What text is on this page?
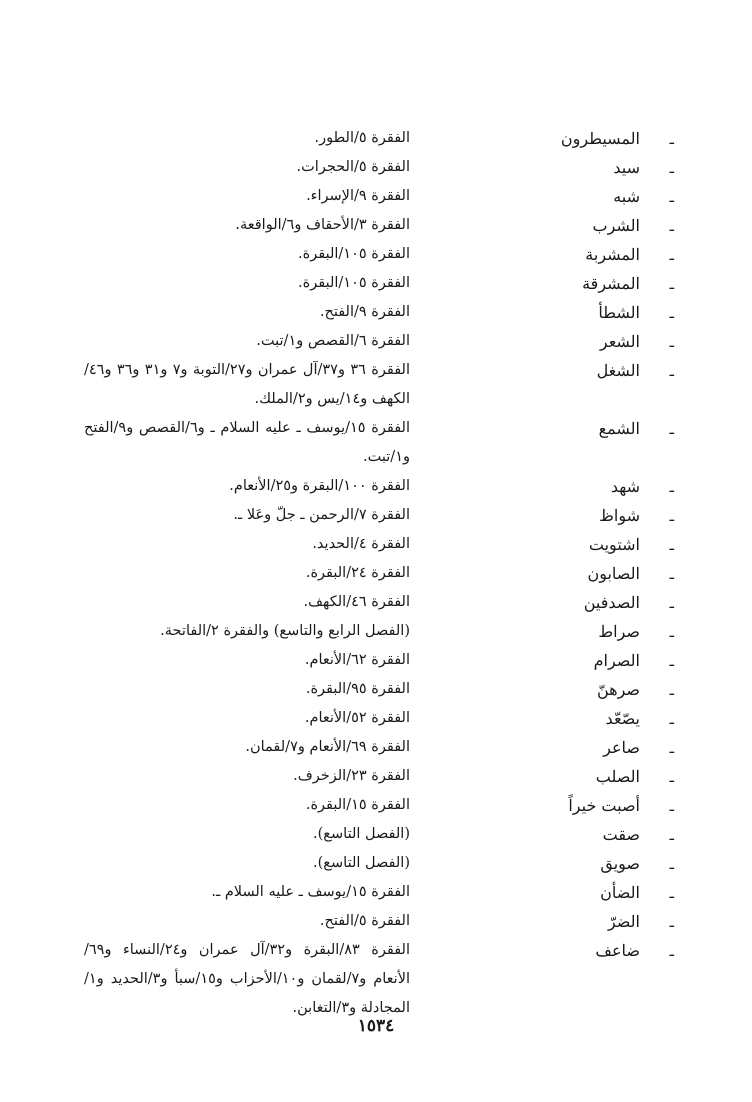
ـ
المسيطرون
الفقرة ٥/الطور.
ـ
سيد
الفقرة ٥/الحجرات.
ـ
شبه
الفقرة ٩/الإسراء.
ـ
الشرب
الفقرة ٣/الأحقاف و٦/الواقعة.
ـ
المشربة
الفقرة ١٠٥/البقرة.
ـ
المشرقة
الفقرة ١٠٥/البقرة.
ـ
الشطأ
الفقرة ٩/الفتح.
ـ
الشعر
الفقرة ٦/القصص و١/تبت.
ـ
الشغل
الفقرة ٣٦ و٣٧/آل عمران و٢٧/التوبة و٧ و٣١ و٣٦ و٤٦/الكهف و١٤/يس و٢/الملك.
ـ
الشمع
الفقرة ١٥/يوسف ـ عليه السلام ـ و٦/القصص و٩/الفتح و١/تبت.
ـ
شهد
الفقرة ١٠٠/البقرة و٢٥/الأنعام.
ـ
شواظ
الفقرة ٧/الرحمن ـ جلّ وعَلا ـ.
ـ
اشتويت
الفقرة ٤/الحديد.
ـ
الصابون
الفقرة ٢٤/البقرة.
ـ
الصدفين
الفقرة ٤٦/الكهف.
ـ
صراط
(الفصل الرابع والتاسع) والفقرة ٢/الفاتحة.
ـ
الصرام
الفقرة ٦٢/الأنعام.
ـ
صرهنّ
الفقرة ٩٥/البقرة.
ـ
يصّعّد
الفقرة ٥٢/الأنعام.
ـ
صاعر
الفقرة ٦٩/الأنعام و٧/لقمان.
ـ
الصلب
الفقرة ٢٣/الزخرف.
ـ
أصبت خيراً
الفقرة ١٥/البقرة.
ـ
صقت
(الفصل التاسع).
ـ
صويق
(الفصل التاسع).
ـ
الضأن
الفقرة ١٥/يوسف ـ عليه السلام ـ.
ـ
الضرّ
الفقرة ٥/الفتح.
ـ
ضاعف
الفقرة ٨٣/البقرة و٣٢/آل عمران و٢٤/النساء و٦٩/الأنعام و٧/لقمان و١٠/الأحزاب و١٥/سبأ و٣/الحديد و١/المجادلة و٣/التغابن.
١٥٣٤
